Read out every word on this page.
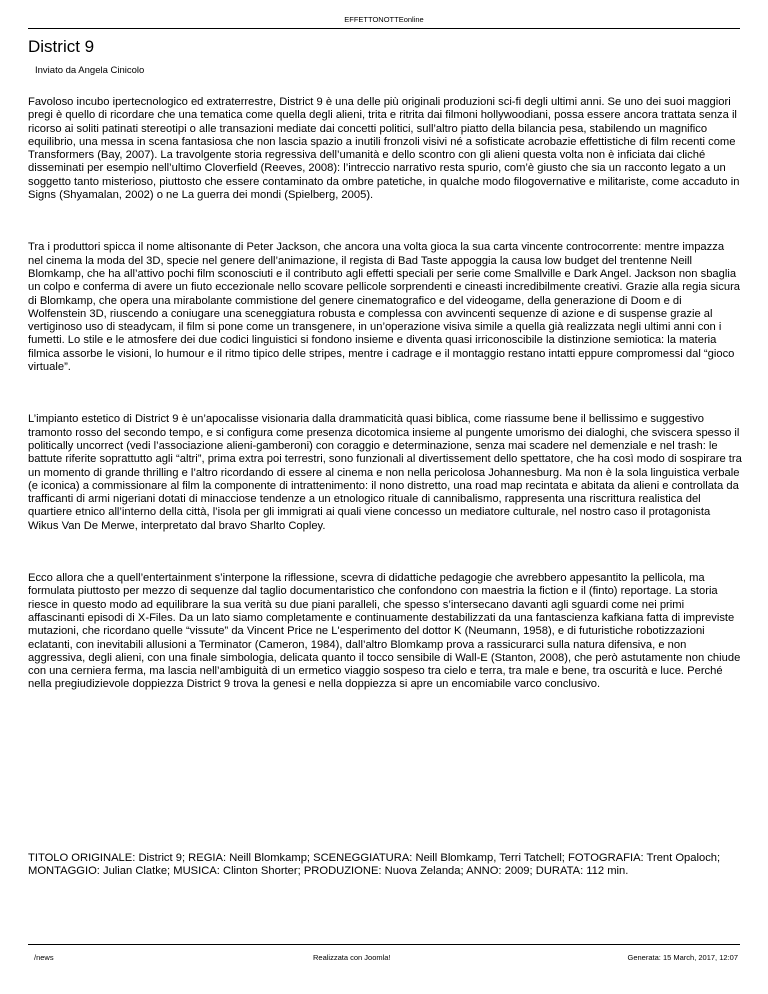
EFFETTONOTTEonline
District 9
Inviato da Angela Cinicolo

Favoloso incubo ipertecnologico ed extraterrestre, District 9 è una delle più originali produzioni sci-fi degli ultimi anni. Se uno dei suoi maggiori pregi è quello di ricordare che una tematica come quella degli alieni, trita e ritrita dai filmoni hollywoodiani, possa essere ancora trattata senza il ricorso ai soliti patinati stereotipi o alle transazioni mediate dai concetti politici, sull’altro piatto della bilancia pesa, stabilendo un magnifico equilibrio, una messa in scena fantasiosa che non lascia spazio a inutili fronzoli visivi né a sofisticate acrobazie effettistiche di film recenti come Transformers (Bay, 2007). La travolgente storia regressiva dell’umanità e dello scontro con gli alieni questa volta non è inficiata dai cliché disseminati per esempio nell’ultimo Cloverfield (Reeves, 2008): l’intreccio narrativo resta spurio, com’è giusto che sia un racconto legato a un soggetto tanto misterioso, piuttosto che essere contaminato da ombre patetiche, in qualche modo filogovernative e militariste, come accaduto in Signs (Shyamalan, 2002) o ne La guerra dei mondi (Spielberg, 2005).

Tra i produttori spicca il nome altisonante di Peter Jackson, che ancora una volta gioca la sua carta vincente controcorrente: mentre impazza nel cinema la moda del 3D, specie nel genere dell’animazione, il regista di Bad Taste appoggia la causa low budget del trentenne Neill Blomkamp, che ha all’attivo pochi film sconosciuti e il contributo agli effetti speciali per serie come Smallville e Dark Angel. Jackson non sbaglia un colpo e conferma di avere un fiuto eccezionale nello scovare pellicole sorprendenti e cineasti incredibilmente creativi. Grazie alla regia sicura di Blomkamp, che opera una mirabolante commistione del genere cinematografico e del videogame, della generazione di Doom e di Wolfenstein 3D, riuscendo a coniugare una sceneggiatura robusta e complessa con avvincenti sequenze di azione e di suspense grazie al vertiginoso uso di steadycam, il film si pone come un transgenere, in un’operazione visiva simile a quella già realizzata negli ultimi anni con i fumetti. Lo stile e le atmosfere dei due codici linguistici si fondono insieme e diventa quasi irriconoscibile la distinzione semiotica: la materia filmica assorbe le visioni, lo humour e il ritmo tipico delle stripes, mentre i cadrage e il montaggio restano intatti eppure compromessi dal “gioco virtuale”.

L’impianto estetico di District 9 è un’apocalisse visionaria dalla drammaticità quasi biblica, come riassume bene il bellissimo e suggestivo tramonto rosso del secondo tempo, e si configura come presenza dicotomica insieme al pungente umorismo dei dialoghi, che sviscera spesso il politically uncorrect (vedi l’associazione alieni-gamberoni) con coraggio e determinazione, senza mai scadere nel demenziale e nel trash: le battute riferite soprattutto agli “altri”, prima extra poi terrestri, sono funzionali al divertissement dello spettatore, che ha così modo di sospirare tra un momento di grande thrilling e l’altro ricordando di essere al cinema e non nella pericolosa Johannesburg. Ma non è la sola linguistica verbale (e iconica) a commissionare al film la componente di intrattenimento: il nono distretto, una road map recintata e abitata da alieni e controllata da trafficanti di armi nigeriani dotati di minacciose tendenze a un etnologico rituale di cannibalismo, rappresenta una riscrittura realistica del quartiere etnico all’interno della città, l’isola per gli immigrati ai quali viene concesso un mediatore culturale, nel nostro caso il protagonista Wikus Van De Merwe, interpretato dal bravo Sharlto Copley.

Ecco allora che a quell’entertainment s’interpone la riflessione, scevra di didattiche pedagogie che avrebbero appesantito la pellicola, ma formulata piuttosto per mezzo di sequenze dal taglio documentaristico che confondono con maestria la fiction e il (finto) reportage. La storia riesce in questo modo ad equilibrare la sua verità su due piani paralleli, che spesso s’intersecano davanti agli sguardi come nei primi affascinanti episodi di X-Files. Da un lato siamo completamente e continuamente destabilizzati da una fantascienza kafkiana fatta di impreviste mutazioni, che ricordano quelle “vissute” da Vincent Price ne L'esperimento del dottor K (Neumann, 1958), e di futuristiche robotizzazioni eclatanti, con inevitabili allusioni a Terminator (Cameron, 1984), dall’altro Blomkamp prova a rassicurarci sulla natura difensiva, e non aggressiva, degli alieni, con una finale simbologia, delicata quanto il tocco sensibile di Wall-E (Stanton, 2008), che però astutamente non chiude con una cerniera ferma, ma lascia nell’ambiguità di un ermetico viaggio sospeso tra cielo e terra, tra male e bene, tra oscurità e luce. Perché nella pregiudizievole doppiezza District 9 trova la genesi e nella doppiezza si apre un encomiabile varco conclusivo.

TITOLO ORIGINALE: District 9; REGIA: Neill Blomkamp; SCENEGGIATURA: Neill Blomkamp, Terri Tatchell; FOTOGRAFIA: Trent Opaloch; MONTAGGIO: Julian Clatke; MUSICA: Clinton Shorter; PRODUZIONE: Nuova Zelanda; ANNO: 2009; DURATA: 112 min.
/news	Realizzata con Joomla!	Generata: 15 March, 2017, 12:07
